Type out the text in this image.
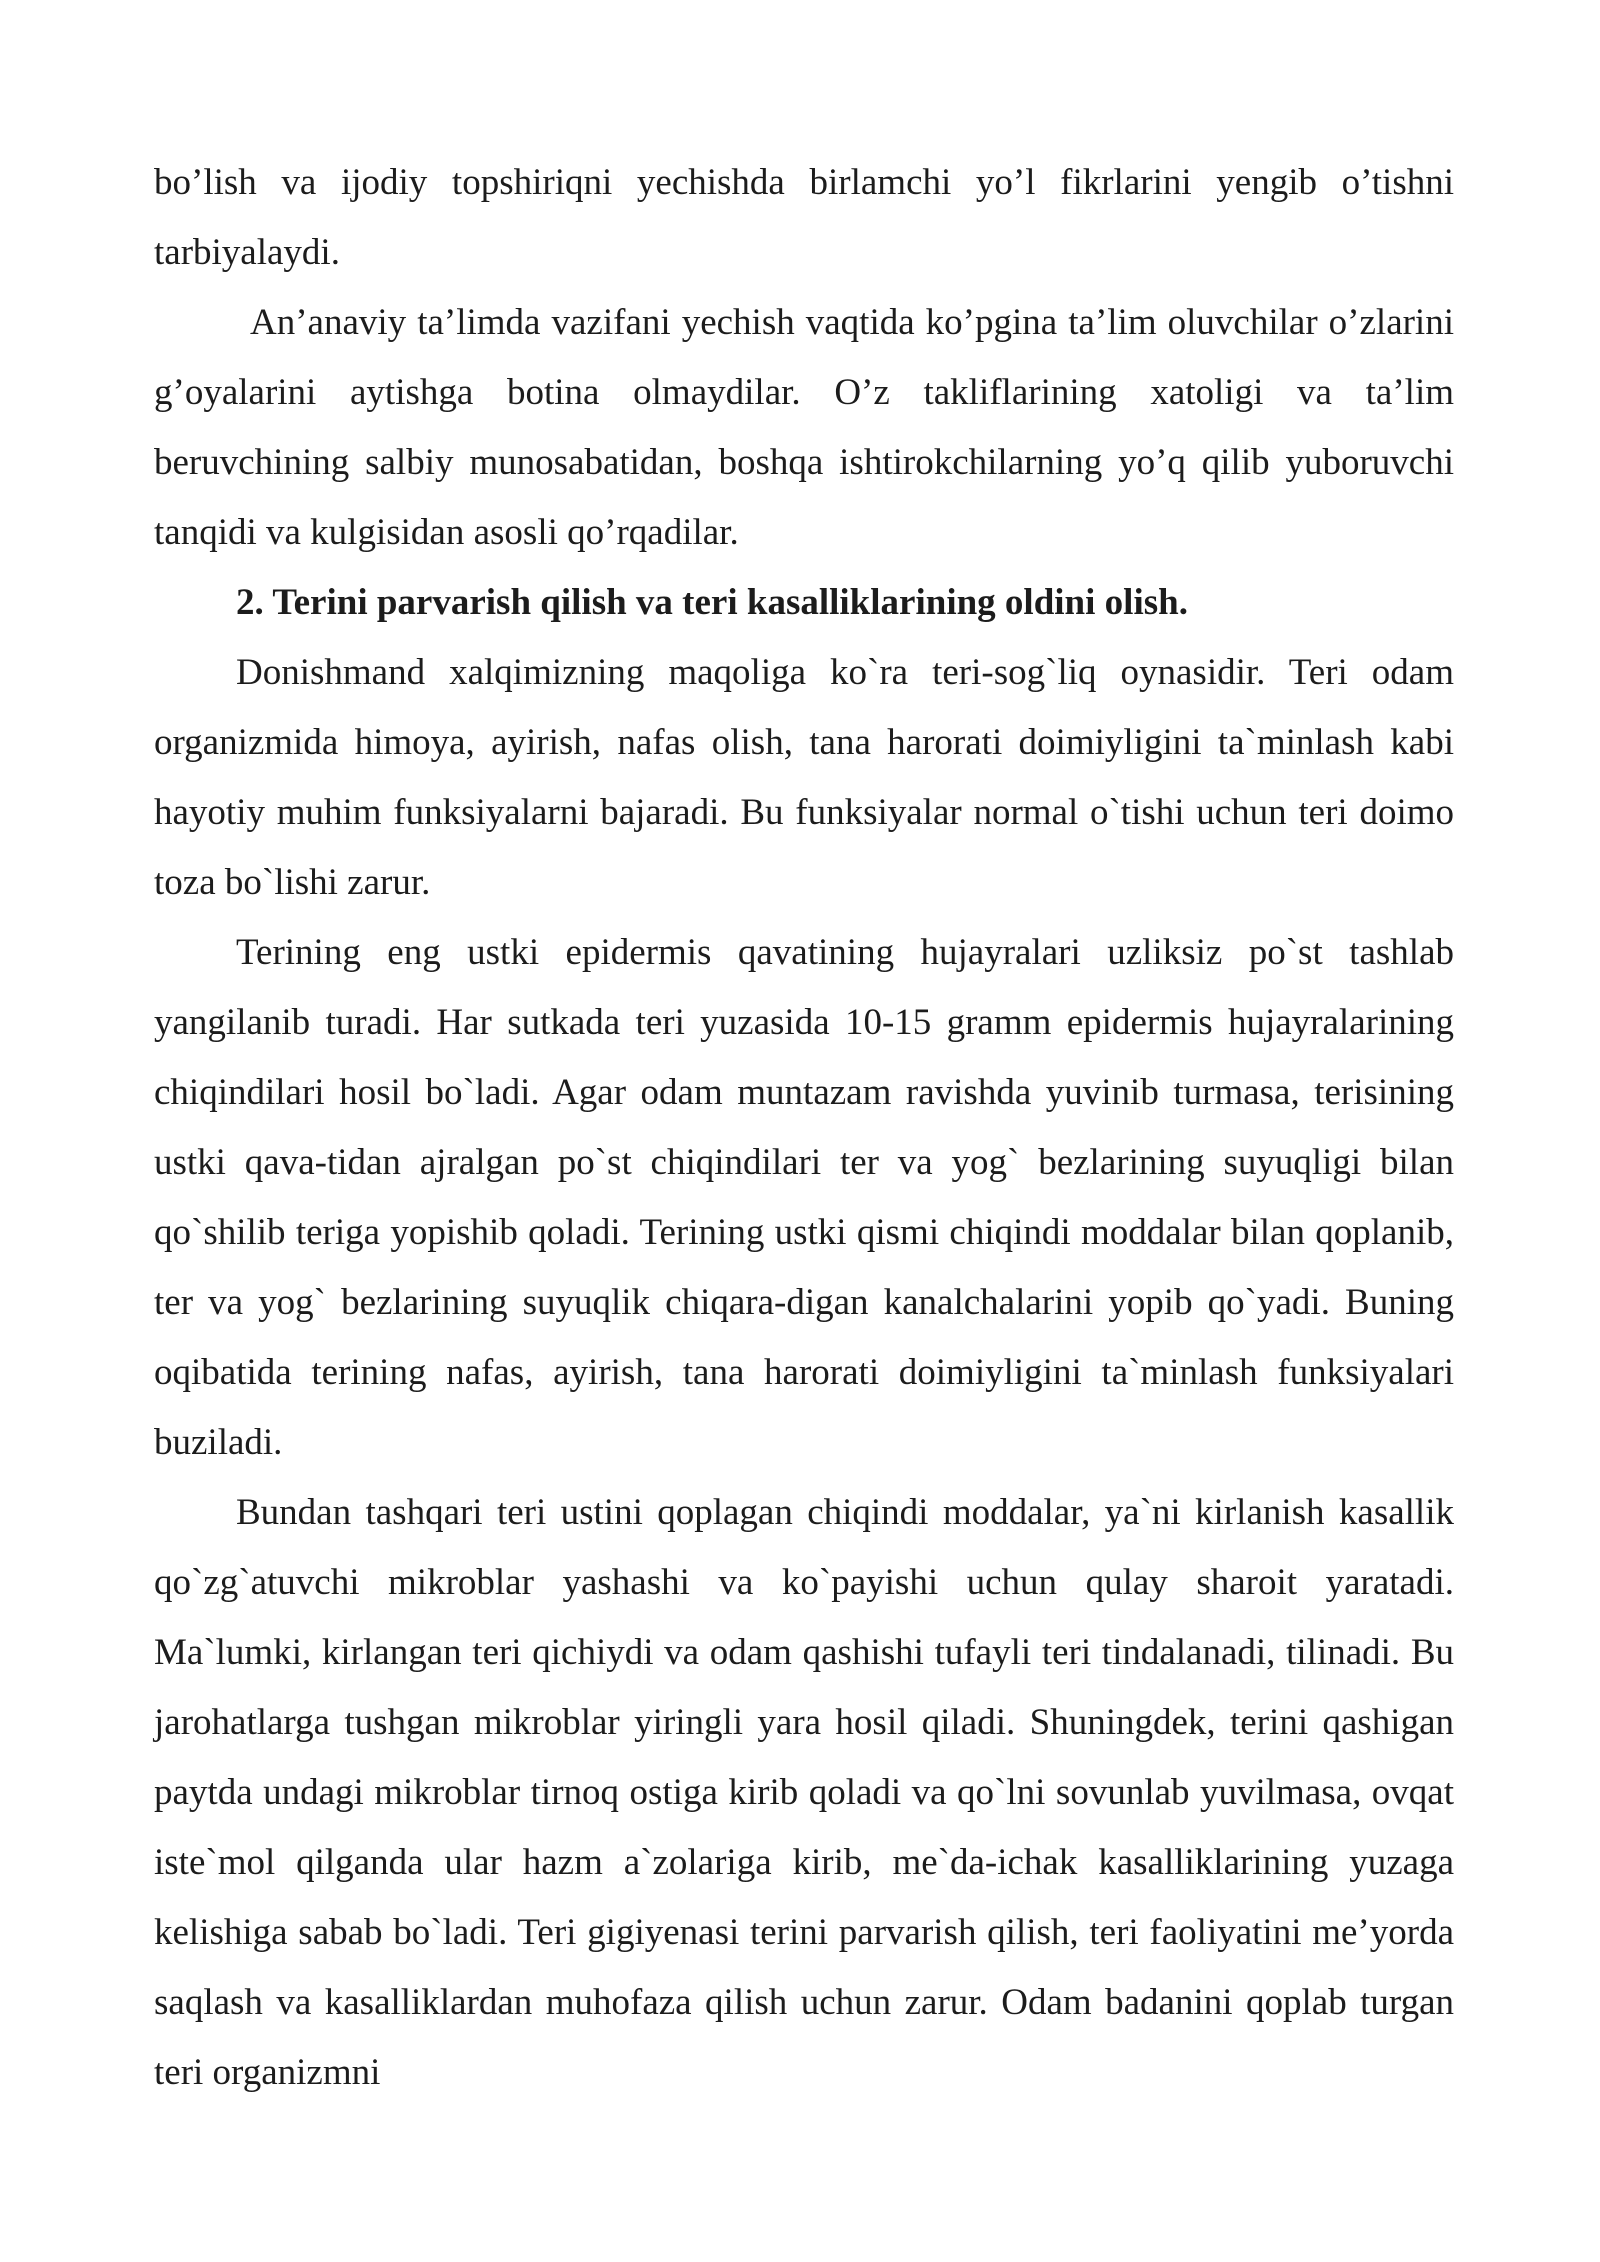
bo’lish va ijodiy topshiriqni yechishda birlamchi yo’l fikrlarini yengib o’tishni tarbiyalaydi.

An’anaviy ta’limda vazifani yechish vaqtida ko’pgina ta’lim oluvchilar o’zlarini g’oyalarini aytishga botina olmaydilar. O’z takliflarining xatoligi va ta’lim beruvchining salbiy munosabatidan, boshqa ishtirokchilarning yo’q qilib yuboruvchi tanqidi va kulgisidan asosli qo’rqadilar.

2. Terini parvarish qilish va teri kasalliklarining oldini olish.

Donishmand xalqimizning maqoliga ko`ra teri-sog`liq oynasidir. Teri odam organizmida himoya, ayirish, nafas olish, tana harorati doimiyligini ta`minlash kabi hayotiy muhim funksiyalarni bajaradi. Bu funksiyalar normal o`tishi uchun teri doimo toza bo`lishi zarur.

Terining eng ustki epidermis qavatining hujayralari uzliksiz po`st tashlab yangilanib turadi. Har sutkada teri yuzasida 10-15 gramm epidermis hujayralarining chiqindilari hosil bo`ladi. Agar odam muntazam ravishda yuvinib turmasa, terisining ustki qava-tidan ajralgan po`st chiqindilari ter va yog` bezlarining suyuqligi bilan qo`shilib teriga yopishib qoladi. Terining ustki qismi chiqindi moddalar bilan qoplanib, ter va yog` bezlarining suyuqlik chiqara-digan kanalchalarini yopib qo`yadi. Buning oqibatida terining nafas, ayirish, tana harorati doimiyligini ta`minlash funksiyalari buziladi.

Bundan tashqari teri ustini qoplagan chiqindi moddalar, ya`ni kirlanish kasallik qo`zg`atuvchi mikroblar yashashi va ko`payishi uchun qulay sharoit yaratadi. Ma`lumki, kirlangan teri qichiydi va odam qashishi tufayli teri tindalanadi, tilinadi. Bu jarohatlarga tushgan mikroblar yiringli yara hosil qiladi. Shuningdek, terini qashigan paytda undagi mikroblar tirnoq ostiga kirib qoladi va qo`lni sovunlab yuvilmasa, ovqat iste`mol qilganda ular hazm a`zolariga kirib, me`da-ichak kasalliklarining yuzaga kelishiga sabab bo`ladi. Teri gigiyenasi terini parvarish qilish, teri faoliyatini me’yorda saqlash va kasalliklardan muhofaza qilish uchun zarur. Odam badanini qoplab turgan teri organizmni
